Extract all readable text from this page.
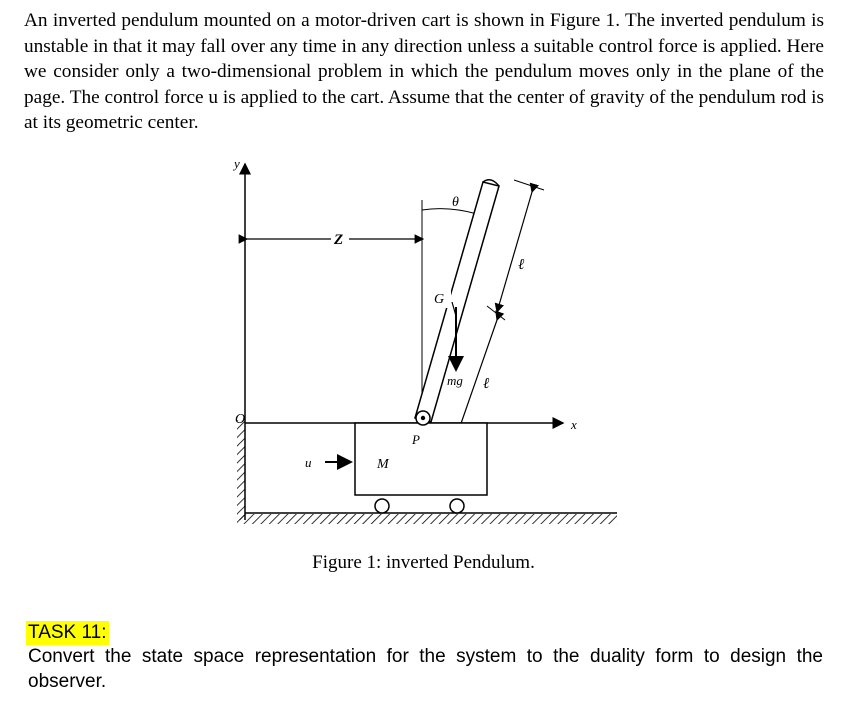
An inverted pendulum mounted on a motor-driven cart is shown in Figure 1. The inverted pendulum is unstable in that it may fall over any time in any direction unless a suitable control force is applied. Here we consider only a two-dimensional problem in which the pendulum moves only in the plane of the page. The control force u is applied to the cart. Assume that the center of gravity of the pendulum rod is at its geometric center.

y
x
O
Z
θ
ℓ
ℓ
G
mg
P
u	M
Figure 1: inverted Pendulum.
TASK 11:

Convert the state space representation for the system to the duality form to design the observer.
